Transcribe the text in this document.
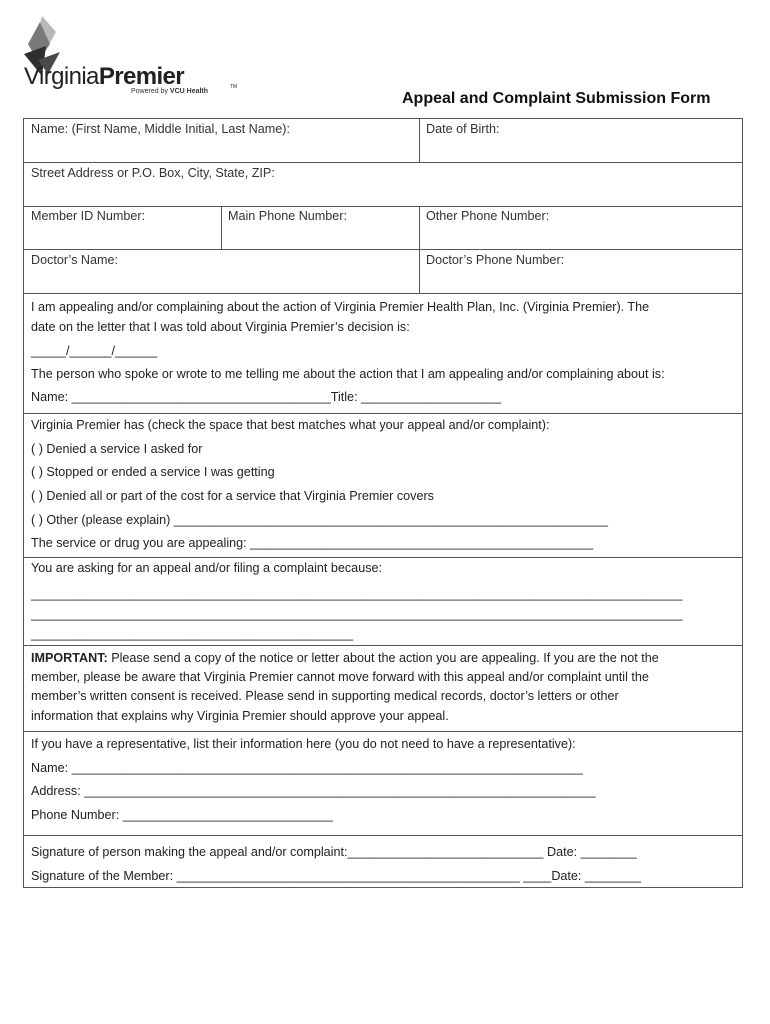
VirginiaPremier	TM
Powered by VCU Health	Appeal and Complaint Submission Form
Name: (First Name, Middle Initial, Last Name):	Date of Birth:
Street Address or P.O. Box, City, State, ZIP:
Member ID Number:	Main Phone Number:	Other Phone Number:
Doctor’s Name:	Doctor’s Phone Number:
I am appealing and/or complaining about the action of Virginia Premier Health Plan, Inc. (Virginia Premier). The
date on the letter that I was told about Virginia Premier’s decision is:
_____/______/______
The person who spoke or wrote to me telling me about the action that I am appealing and/or complaining about is:
Name: _____________________________________Title: ____________________
Virginia Premier has (check the space that best matches what your appeal and/or complaint):
( ) Denied a service I asked for
( ) Stopped or ended a service I was getting
( ) Denied all or part of the cost for a service that Virginia Premier covers
( ) Other (please explain) ______________________________________________________________
The service or drug you are appealing: _________________________________________________
You are asking for an appeal and/or filing a complaint because:
_____________________________________________________________________________________________
_____________________________________________________________________________________________
______________________________________________
IMPORTANT: Please send a copy of the notice or letter about the action you are appealing. If you are the not the
member, please be aware that Virginia Premier cannot move forward with this appeal and/or complaint until the
member’s written consent is received. Please send in supporting medical records, doctor’s letters or other
information that explains why Virginia Premier should approve your appeal.
If you have a representative, list their information here (you do not need to have a representative):
Name: _________________________________________________________________________
Address: _________________________________________________________________________
Phone Number: ______________________________
Signature of person making the appeal and/or complaint:____________________________ Date: ________
Signature of the Member: _________________________________________________ ____Date: ________
